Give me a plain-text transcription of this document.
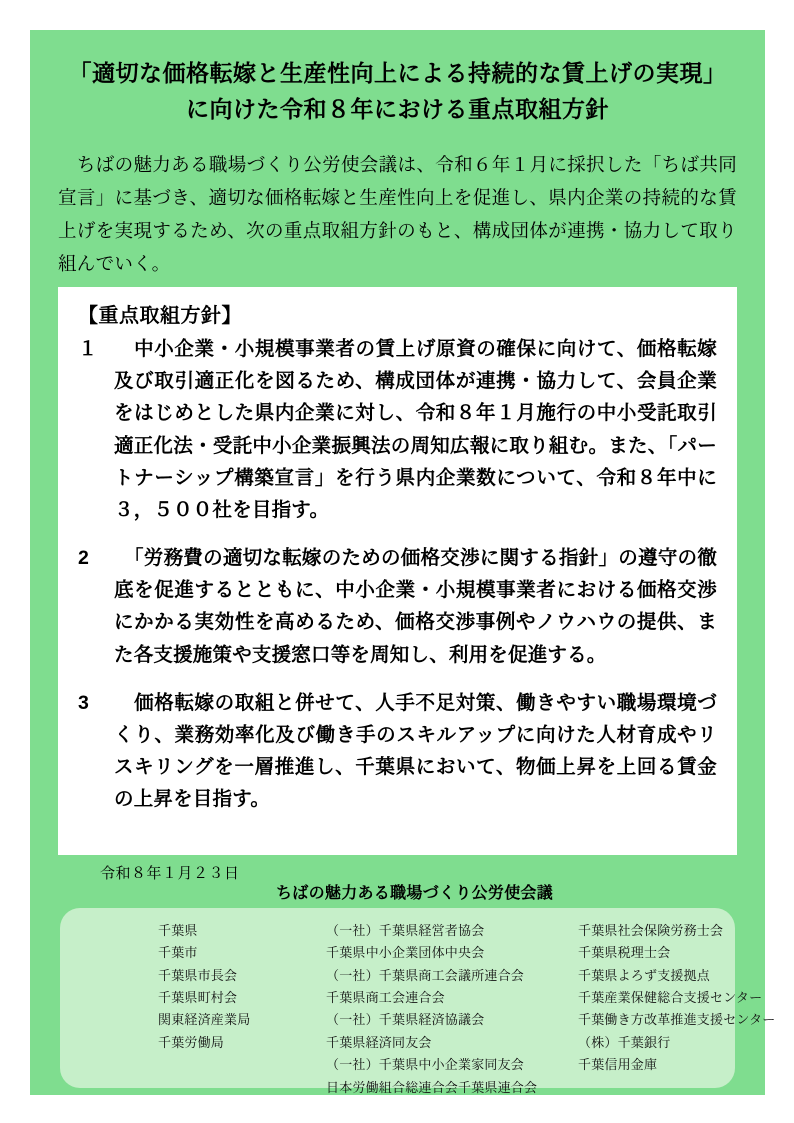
「適切な価格転嫁と生産性向上による持続的な賃上げの実現」
に向けた令和８年における重点取組方針
　ちばの魅力ある職場づくり公労使会議は、令和６年１月に採択した「ちば共同宣言」に基づき、適切な価格転嫁と生産性向上を促進し、県内企業の持続的な賃上げを実現するため、次の重点取組方針のもと、構成団体が連携・協力して取り組んでいく。
【重点取組方針】
１ 　中小企業・小規模事業者の賃上げ原資の確保に向けて、価格転嫁及び取引適正化を図るため、構成団体が連携・協力して、会員企業をはじめとした県内企業に対し、令和８年１月施行の中小受託取引適正化法・受託中小企業振興法の周知広報に取り組む。また、「パートナーシップ構築宣言」を行う県内企業数について、令和８年中に３，５００社を目指す。
2	　「労務費の適切な転嫁のための価格交渉に関する指針」の遵守の徹底を促進するとともに、中小企業・小規模事業者における価格交渉にかかる実効性を高めるため、価格交渉事例やノウハウの提供、また各支援施策や支援窓口等を周知し、利用を促進する。
3	　価格転嫁の取組と併せて、人手不足対策、働きやすい職場環境づくり、業務効率化及び働き手のスキルアップに向けた人材育成やリスキリングを一層推進し、千葉県において、物価上昇を上回る賃金の上昇を目指す。
令和８年１月２３日
ちばの魅力ある職場づくり公労使会議
千葉県
千葉市
千葉県市長会
千葉県町村会
関東経済産業局
千葉労働局
（一社）千葉県経営者協会
千葉県中小企業団体中央会
（一社）千葉県商工会議所連合会
千葉県商工会連合会
（一社）千葉県経済協議会
千葉県経済同友会
（一社）千葉県中小企業家同友会
日本労働組合総連合会千葉県連合会
千葉県社会保険労務士会
千葉県税理士会
千葉県よろず支援拠点
千葉産業保健総合支援センター
千葉働き方改革推進支援センター
（株）千葉銀行
千葉信用金庫
